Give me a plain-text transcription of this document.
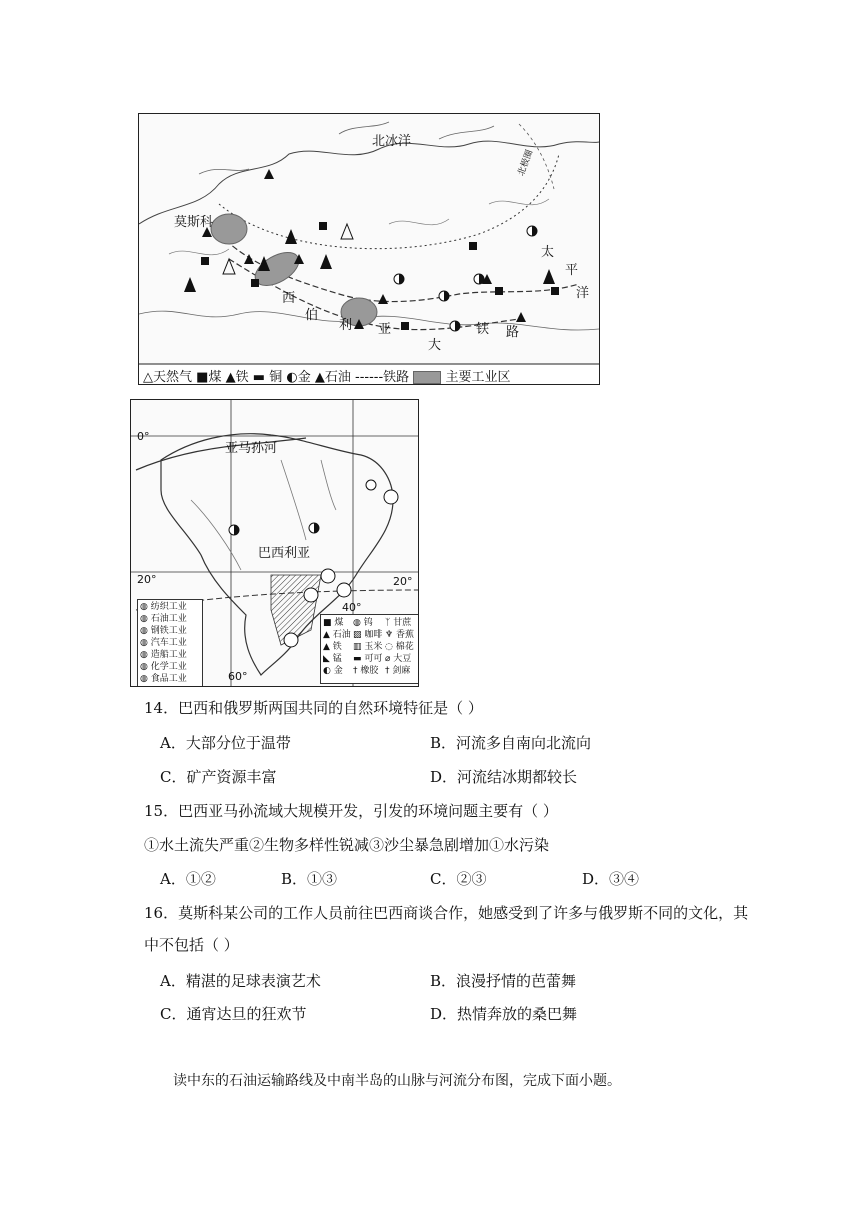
北冰洋
莫斯科
北极圈
太
平
洋
西
伯
利 亚
大
铁 路
△天然气 ■煤 ▲铁 ▬ 铜 ◐金 ▲石油 ------铁路	主要工业区
亚马孙河
巴西利亚
0°
20°	20°
40°
60°
◍ 纺织工业
◍ 石油工业
◍ 钢铁工业
◍ 汽车工业
◍ 造船工业
◍ 化学工业
◍ 食品工业
■ 煤
▲ 石油
▲ 铁
◣ 锰
◐ 金
◍ 钨
▨ 咖啡
▥ 玉米
▬ 可可
† 橡胶
ᛉ 甘蔗
♆ 香蕉
◌ 棉花
⌀ 大豆
† 剑麻
14．巴西和俄罗斯两国共同的自然环境特征是（ ）
A．大部分位于温带	B．河流多自南向北流向
C．矿产资源丰富	D．河流结冰期都较长
15．巴西亚马孙流域大规模开发，引发的环境问题主要有（ ）
①水土流失严重②生物多样性锐减③沙尘暴急剧增加①水污染
A．①②	B．①③	C．②③	D．③④
16．莫斯科某公司的工作人员前往巴西商谈合作，她感受到了许多与俄罗斯不同的文化，其
中不包括（ ）
A．精湛的足球表演艺术	B．浪漫抒情的芭蕾舞
C．通宵达旦的狂欢节	D．热情奔放的桑巴舞
读中东的石油运输路线及中南半岛的山脉与河流分布图，完成下面小题。
